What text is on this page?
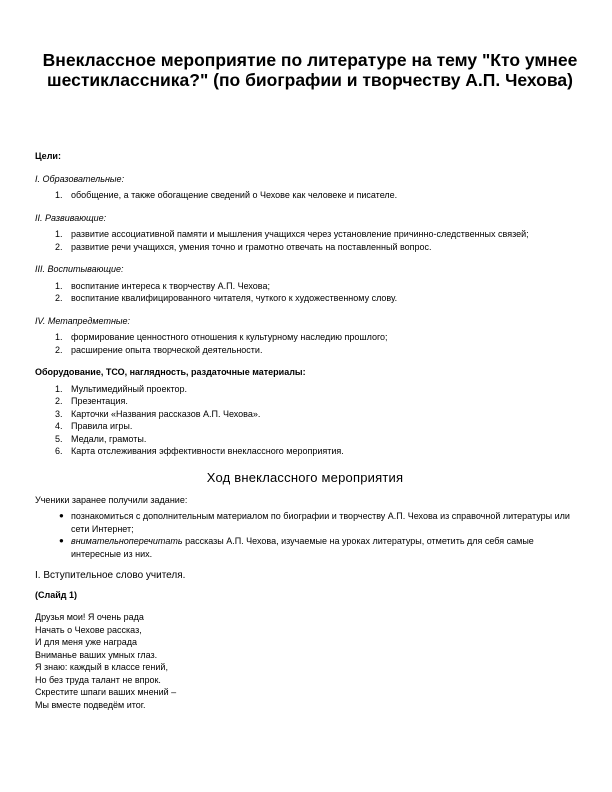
Внеклассное мероприятие по литературе на тему "Кто умнее шестиклассника?" (по биографии и творчеству А.П. Чехова)

Цели:

I. Образовательные:

1. обобщение, а также обогащение сведений о Чехове как человеке и писателе.

II. Развивающие:

1. развитие ассоциативной памяти и мышления учащихся через установление причинно-следственных связей;
2. развитие речи учащихся, умения точно и грамотно отвечать на поставленный вопрос.

III. Воспитывающие:

1. воспитание интереса к творчеству А.П. Чехова;
2. воспитание квалифицированного читателя, чуткого к художественному слову.

IV. Метапредметные:

1. формирование ценностного отношения к культурному наследию прошлого;
2. расширение опыта творческой деятельности.

Оборудование, ТСО, наглядность, раздаточные материалы:

1. Мультимедийный проектор.
2. Презентация.
3. Карточки «Названия рассказов А.П. Чехова».
4. Правила игры.
5. Медали, грамоты.
6. Карта отслеживания эффективности внеклассного мероприятия.

Ход внеклассного мероприятия

Ученики заранее получили задание:

● познакомиться с дополнительным материалом по биографии и творчеству А.П. Чехова из справочной литературы или сети Интернет;
● внимательноперечитать рассказы А.П. Чехова, изучаемые на уроках литературы, отметить для себя самые интересные из них.

I. Вступительное слово учителя.

(Слайд 1)

Друзья мои! Я очень рада

Начать о Чехове рассказ,

И для меня уже награда

Вниманье ваших умных глаз.

Я знаю: каждый в классе гений,

Но без труда талант не впрок.

Скрестите шпаги ваших мнений –

Мы вместе подведём итог.
